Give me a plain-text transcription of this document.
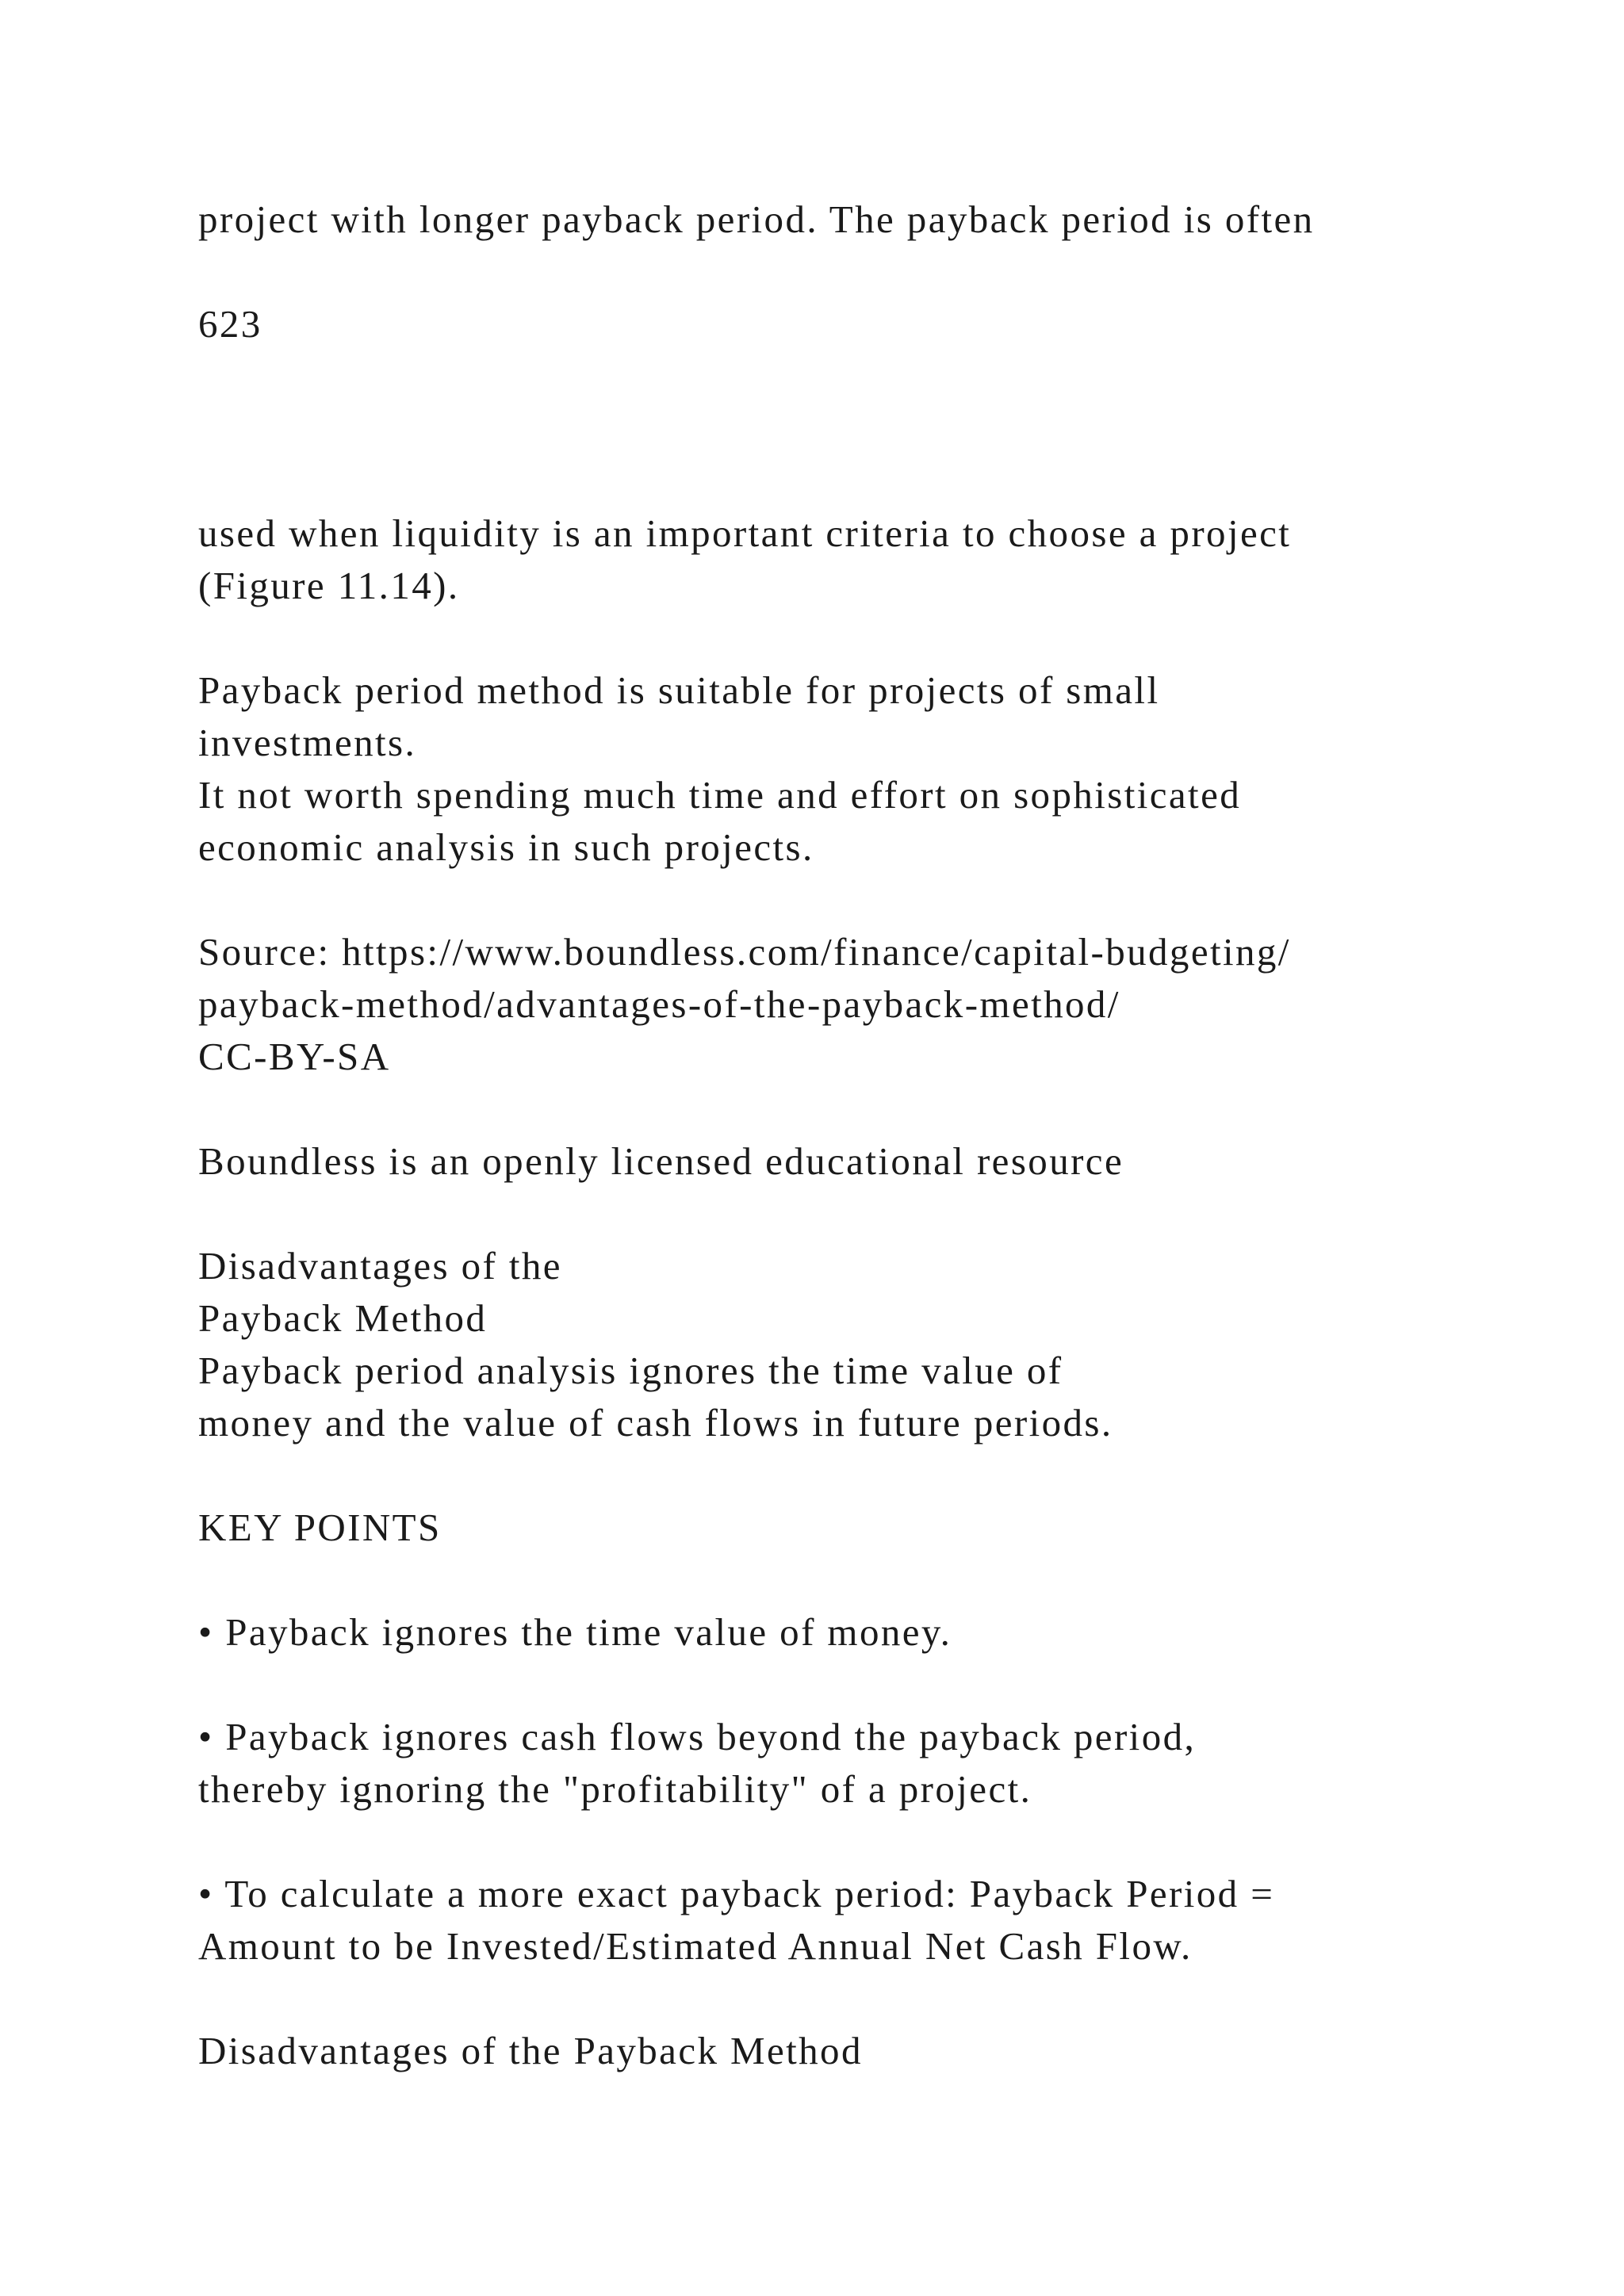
project with longer payback period. The payback period is often
623
used when liquidity is an important criteria to choose a project
(Figure 11.14).
Payback period method is suitable for projects of small
investments.
It not worth spending much time and effort on sophisticated
economic analysis in such projects.
Source: https://www.boundless.com/finance/capital-budgeting/
payback-method/advantages-of-the-payback-method/
CC-BY-SA
Boundless is an openly licensed educational resource
Disadvantages of the
Payback Method
Payback period analysis ignores the time value of
money and the value of cash flows in future periods.
KEY POINTS
• Payback ignores the time value of money.
• Payback ignores cash flows beyond the payback period,
thereby ignoring the "profitability" of a project.
• To calculate a more exact payback period: Payback Period =
Amount to be Invested/Estimated Annual Net Cash Flow.
Disadvantages of the Payback Method
